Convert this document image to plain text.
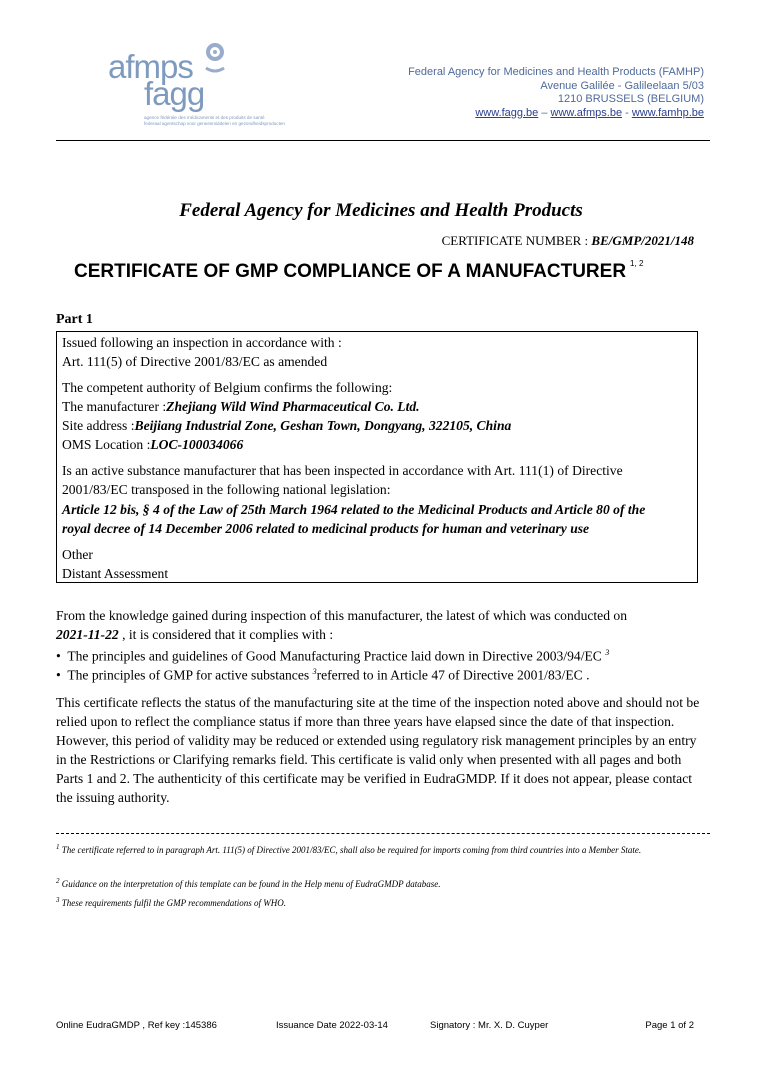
afmps
fagg
agence fédérale des médicaments et des produits de santé
federaal agentschap voor geneesmiddelen en gezondheidsproducten
Federal Agency for Medicines and Health Products (FAMHP)
Avenue Galilée - Galileelaan 5/03
1210 BRUSSELS (BELGIUM)
www.fagg.be – www.afmps.be - www.famhp.be
Federal Agency for Medicines and Health Products
CERTIFICATE NUMBER : BE/GMP/2021/148
CERTIFICATE OF GMP COMPLIANCE OF A MANUFACTURER $^{1, 2}$
Part 1
Issued following an inspection in accordance with :
Art. 111(5) of Directive 2001/83/EC as amended
The competent authority of Belgium confirms the following:
The manufacturer :Zhejiang Wild Wind Pharmaceutical Co. Ltd.
Site address :Beijiang Industrial Zone, Geshan Town, Dongyang, 322105, China
OMS Location :LOC-100034066
Is an active substance manufacturer that has been inspected in accordance with Art. 111(1) of Directive
2001/83/EC transposed in the following national legislation:
Article 12 bis, § 4 of the Law of 25th March 1964 related to the Medicinal Products and Article 80 of the
royal decree of 14 December 2006 related to medicinal products for human and veterinary use
Other
Distant Assessment
From the knowledge gained during inspection of this manufacturer, the latest of which was conducted on
2021-11-22 , it is considered that it complies with :
•  The principles and guidelines of Good Manufacturing Practice laid down in Directive 2003/94/EC $^3$
•  The principles of GMP for active substances $^3$referred to in Article 47 of Directive 2001/83/EC .
This certificate reflects the status of the manufacturing site at the time of the inspection noted above and should not be relied upon to reflect the compliance status if more than three years have elapsed since the date of that inspection. However, this period of validity may be reduced or extended using regulatory risk management principles by an entry in the Restrictions or Clarifying remarks field. This certificate is valid only when presented with all pages and both Parts 1 and 2. The authenticity of this certificate may be verified in EudraGMDP. If it does not appear, please contact the issuing authority.
$^1$ The certificate referred to in paragraph Art. 111(5) of Directive 2001/83/EC, shall also be required for imports coming from third countries into a Member State.
$^2$ Guidance on the interpretation of this template can be found in the Help menu of EudraGMDP database.
$^3$ These requirements fulfil the GMP recommendations of WHO.
Online EudraGMDP , Ref key :145386	Issuance Date 2022-03-14	Signatory : Mr. X. D. Cuyper	Page 1 of 2
